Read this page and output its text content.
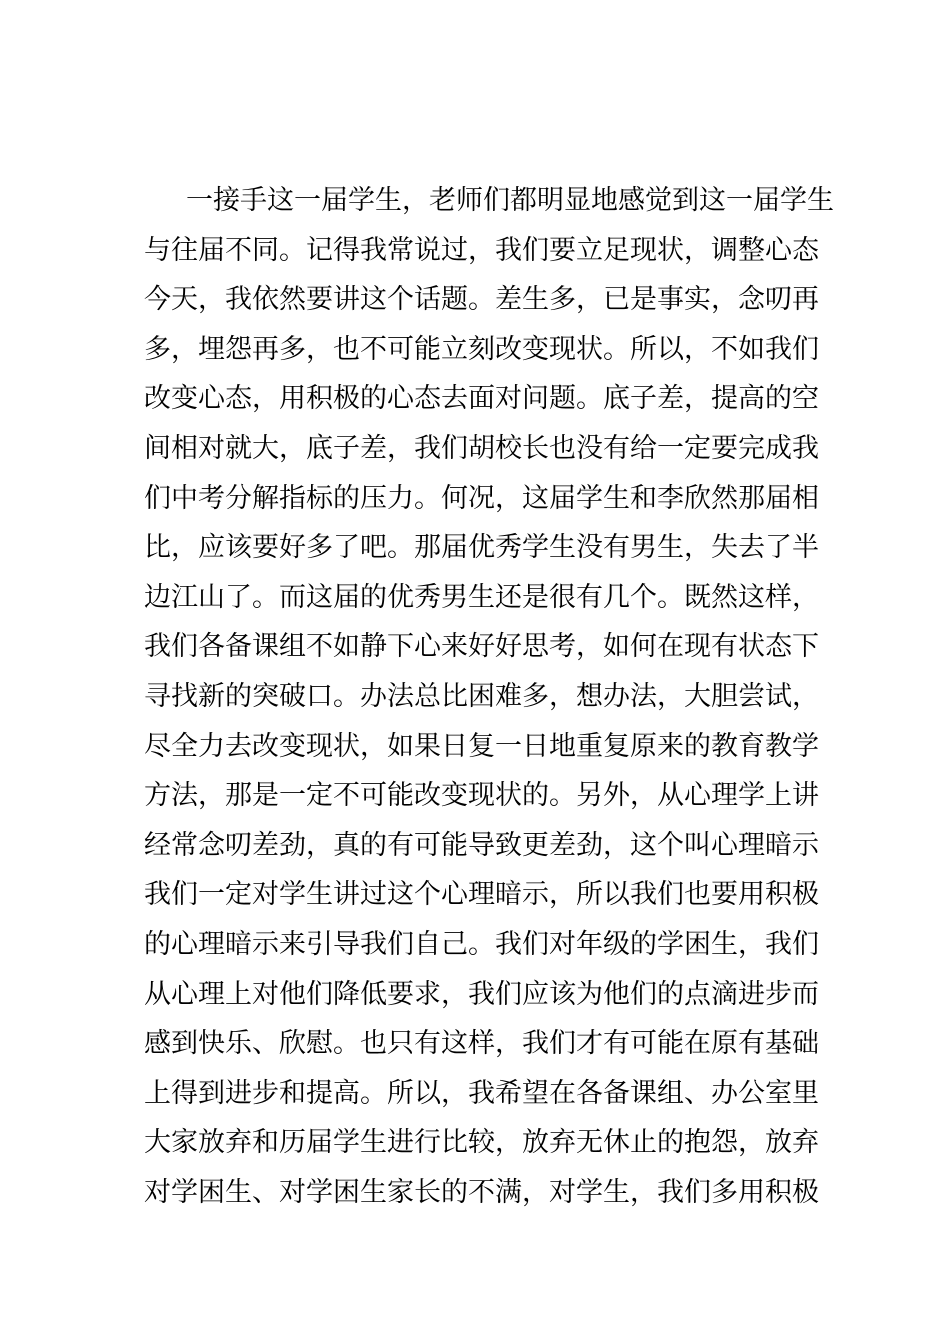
一接手这一届学生，老师们都明显地感觉到这一届学生
与往届不同。记得我常说过，我们要立足现状，调整心态
今天，我依然要讲这个话题。差生多，已是事实，念叨再
多，埋怨再多，也不可能立刻改变现状。所以，不如我们
改变心态，用积极的心态去面对问题。底子差，提高的空
间相对就大，底子差，我们胡校长也没有给一定要完成我
们中考分解指标的压力。何况，这届学生和李欣然那届相
比，应该要好多了吧。那届优秀学生没有男生，失去了半
边江山了。而这届的优秀男生还是很有几个。既然这样，
我们各备课组不如静下心来好好思考，如何在现有状态下
寻找新的突破口。办法总比困难多，想办法，大胆尝试，
尽全力去改变现状，如果日复一日地重复原来的教育教学
方法，那是一定不可能改变现状的。另外，从心理学上讲
经常念叨差劲，真的有可能导致更差劲，这个叫心理暗示
我们一定对学生讲过这个心理暗示，所以我们也要用积极
的心理暗示来引导我们自己。我们对年级的学困生，我们
从心理上对他们降低要求，我们应该为他们的点滴进步而
感到快乐、欣慰。也只有这样，我们才有可能在原有基础
上得到进步和提高。所以，我希望在各备课组、办公室里
大家放弃和历届学生进行比较，放弃无休止的抱怨，放弃
对学困生、对学困生家长的不满，对学生，我们多用积极
